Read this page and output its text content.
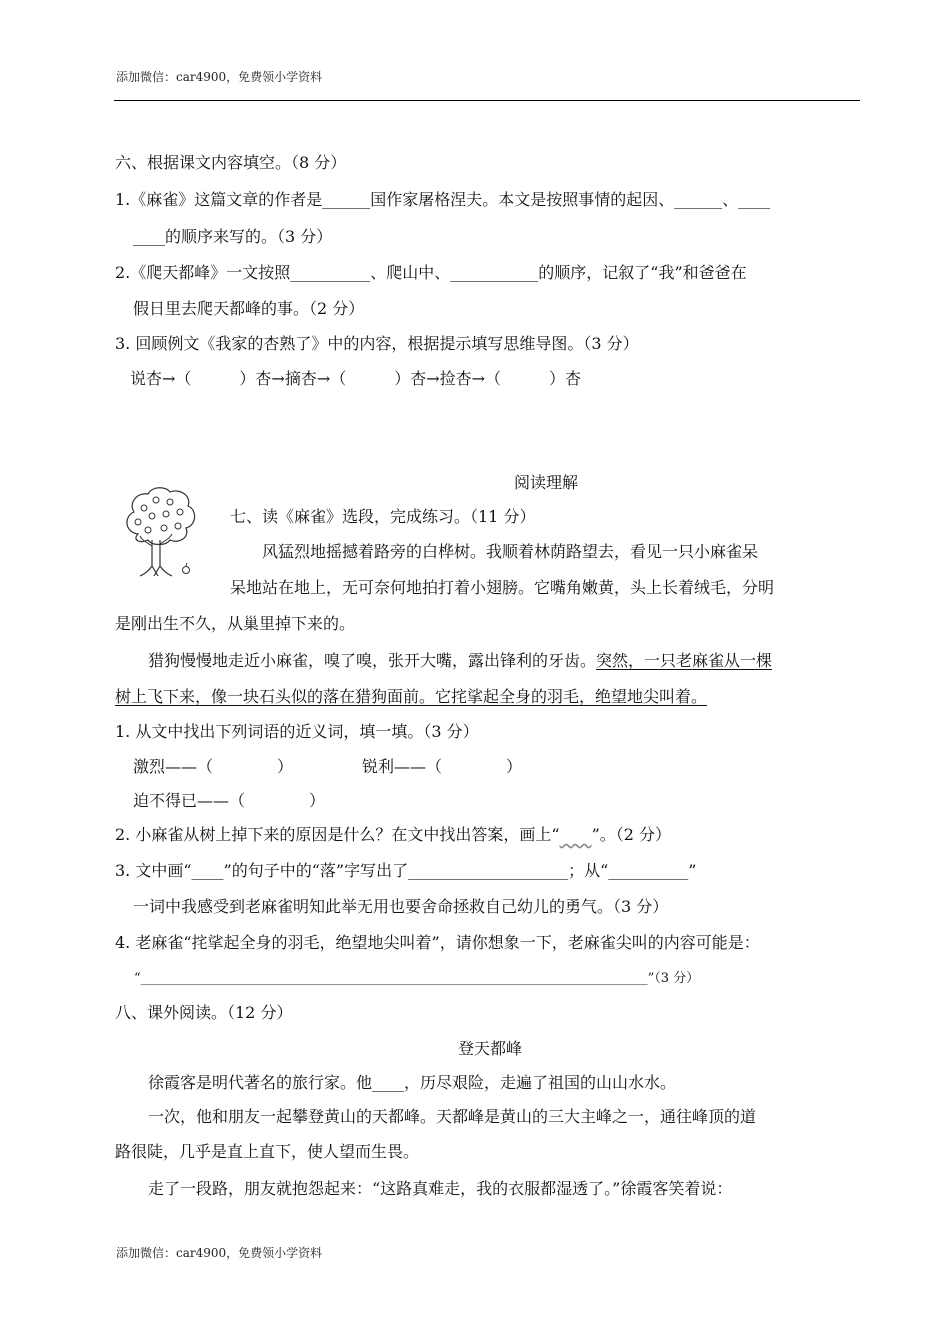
添加微信：car4900，免费领小学资料
六、根据课文内容填空。（8 分）
1.《麻雀》这篇文章的作者是______国作家屠格涅夫。本文是按照事情的起因、______、____
____的顺序来写的。（3 分）
2.《爬天都峰》一文按照__________、爬山中、___________的顺序，记叙了“我”和爸爸在
假日里去爬天都峰的事。（2 分）
3. 回顾例文《我家的杏熟了》中的内容，根据提示填写思维导图。（3 分）
说杏→（　　　）杏→摘杏→（　　　）杏→捡杏→（　　　）杏
阅读理解
七、读《麻雀》选段，完成练习。（11 分）
风猛烈地摇撼着路旁的白桦树。我顺着林荫路望去，看见一只小麻雀呆
呆地站在地上，无可奈何地拍打着小翅膀。它嘴角嫩黄，头上长着绒毛，分明
是刚出生不久，从巢里掉下来的。
猎狗慢慢地走近小麻雀，嗅了嗅，张开大嘴，露出锋利的牙齿。突然，一只老麻雀从一棵
树上飞下来，像一块石头似的落在猎狗面前。它挓挲起全身的羽毛，绝望地尖叫着。
1. 从文中找出下列词语的近义词，填一填。（3 分）
激烈——（　　　　）	锐利——（　　　　）
迫不得已——（　　　　）
2. 小麻雀从树上掉下来的原因是什么？在文中找出答案，画上“　　 ”。（2 分）
3. 文中画“____”的句子中的“落”字写出了____________________；从“__________”
一词中我感受到老麻雀明知此举无用也要舍命拯救自己幼儿的勇气。（3 分）
4. 老麻雀“挓挲起全身的羽毛，绝望地尖叫着”，请你想象一下，老麻雀尖叫的内容可能是：
“______________________________________________________________________________”（3 分）
八、课外阅读。（12 分）
登天都峰
徐霞客是明代著名的旅行家。他____，历尽艰险，走遍了祖国的山山水水。
一次，他和朋友一起攀登黄山的天都峰。天都峰是黄山的三大主峰之一，通往峰顶的道
路很陡，几乎是直上直下，使人望而生畏。
走了一段路，朋友就抱怨起来：“这路真难走，我的衣服都湿透了。”徐霞客笑着说：
添加微信：car4900，免费领小学资料
